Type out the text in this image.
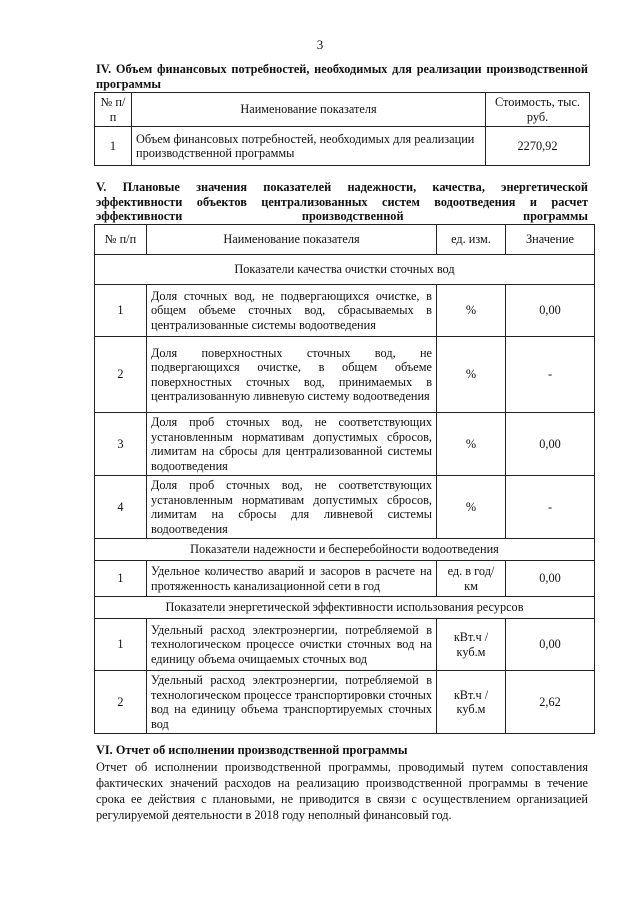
3
IV. Объем финансовых потребностей, необходимых для реализации производственной программы
№ п/п	Наименование показателя	Стоимость, тыс. руб.
1	Объем финансовых потребностей, необходимых для реализации производственной программы	2270,92
V. Плановые значения показателей надежности, качества, энергетической эффективности объектов централизованных систем водоотведения и расчет эффективности производственной программы
№ п/п	Наименование показателя	ед. изм.	Значение
Показатели качества очистки сточных вод			
1	Доля сточных вод, не подвергающихся очистке, в общем объеме сточных вод, сбрасываемых в централизованные системы водоотведения	%	0,00
2	Доля поверхностных сточных вод, не подвергающихся очистке, в общем объеме поверхностных сточных вод, принимаемых в централизованную ливневую систему водоотведения	%	-
3	Доля проб сточных вод, не соответствующих установленным нормативам допустимых сбросов, лимитам на сбросы для централизованной системы водоотведения	%	0,00
4	Доля проб сточных вод, не соответствующих установленным нормативам допустимых сбросов, лимитам на сбросы для ливневой системы водоотведения	%	-
Показатели надежности и бесперебойности водоотведения			
1	Удельное количество аварий и засоров в расчете на протяженность канализационной сети в год	ед. в год/ км	0,00
Показатели энергетической эффективности использования ресурсов			
1	Удельный расход электроэнергии, потребляемой в технологическом процессе очистки сточных вод на единицу объема очищаемых сточных вод	кВт.ч / куб.м	0,00
2	Удельный расход электроэнергии, потребляемой в технологическом процессе транспортировки сточных вод на единицу объема транспортируемых сточных вод	кВт.ч / куб.м	2,62
VI. Отчет об исполнении производственной программы
Отчет об исполнении производственной программы, проводимый путем сопоставления фактических значений расходов на реализацию производственной программы в течение срока ее действия с плановыми, не приводится в связи с осуществлением организацией регулируемой деятельности в 2018 году неполный финансовый год.
